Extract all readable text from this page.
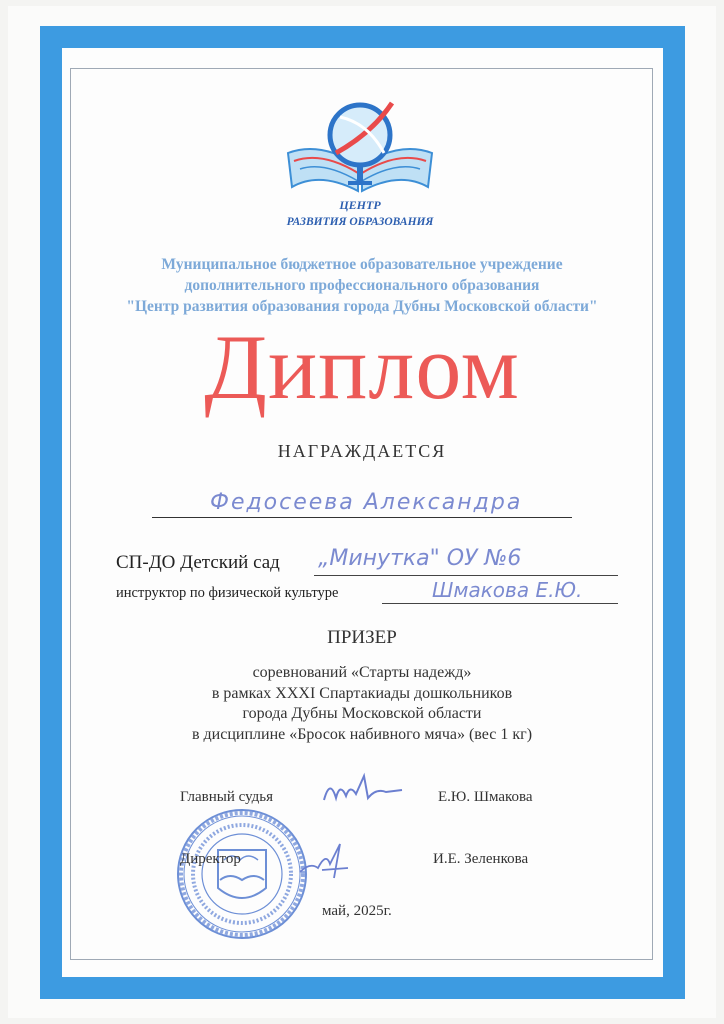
ЦЕНТР
РАЗВИТИЯ ОБРАЗОВАНИЯ
Муниципальное бюджетное образовательное учреждение
дополнительного профессионального образования
"Центр развития образования города Дубны Московской области"
Диплом
НАГРАЖДАЕТСЯ
Федосеева Александра
СП-ДО Детский сад „Минутка" ОУ №6
инструктор по физической культуре	Шмакова Е.Ю.
ПРИЗЕР
соревнований «Старты надежд»
в рамках XXXI Спартакиады дошкольников
города Дубны Московской области
в дисциплине «Бросок набивного мяча» (вес 1 кг)
Главный судья	Е.Ю. Шмакова
Директор	И.Е. Зеленкова
май, 2025г.
